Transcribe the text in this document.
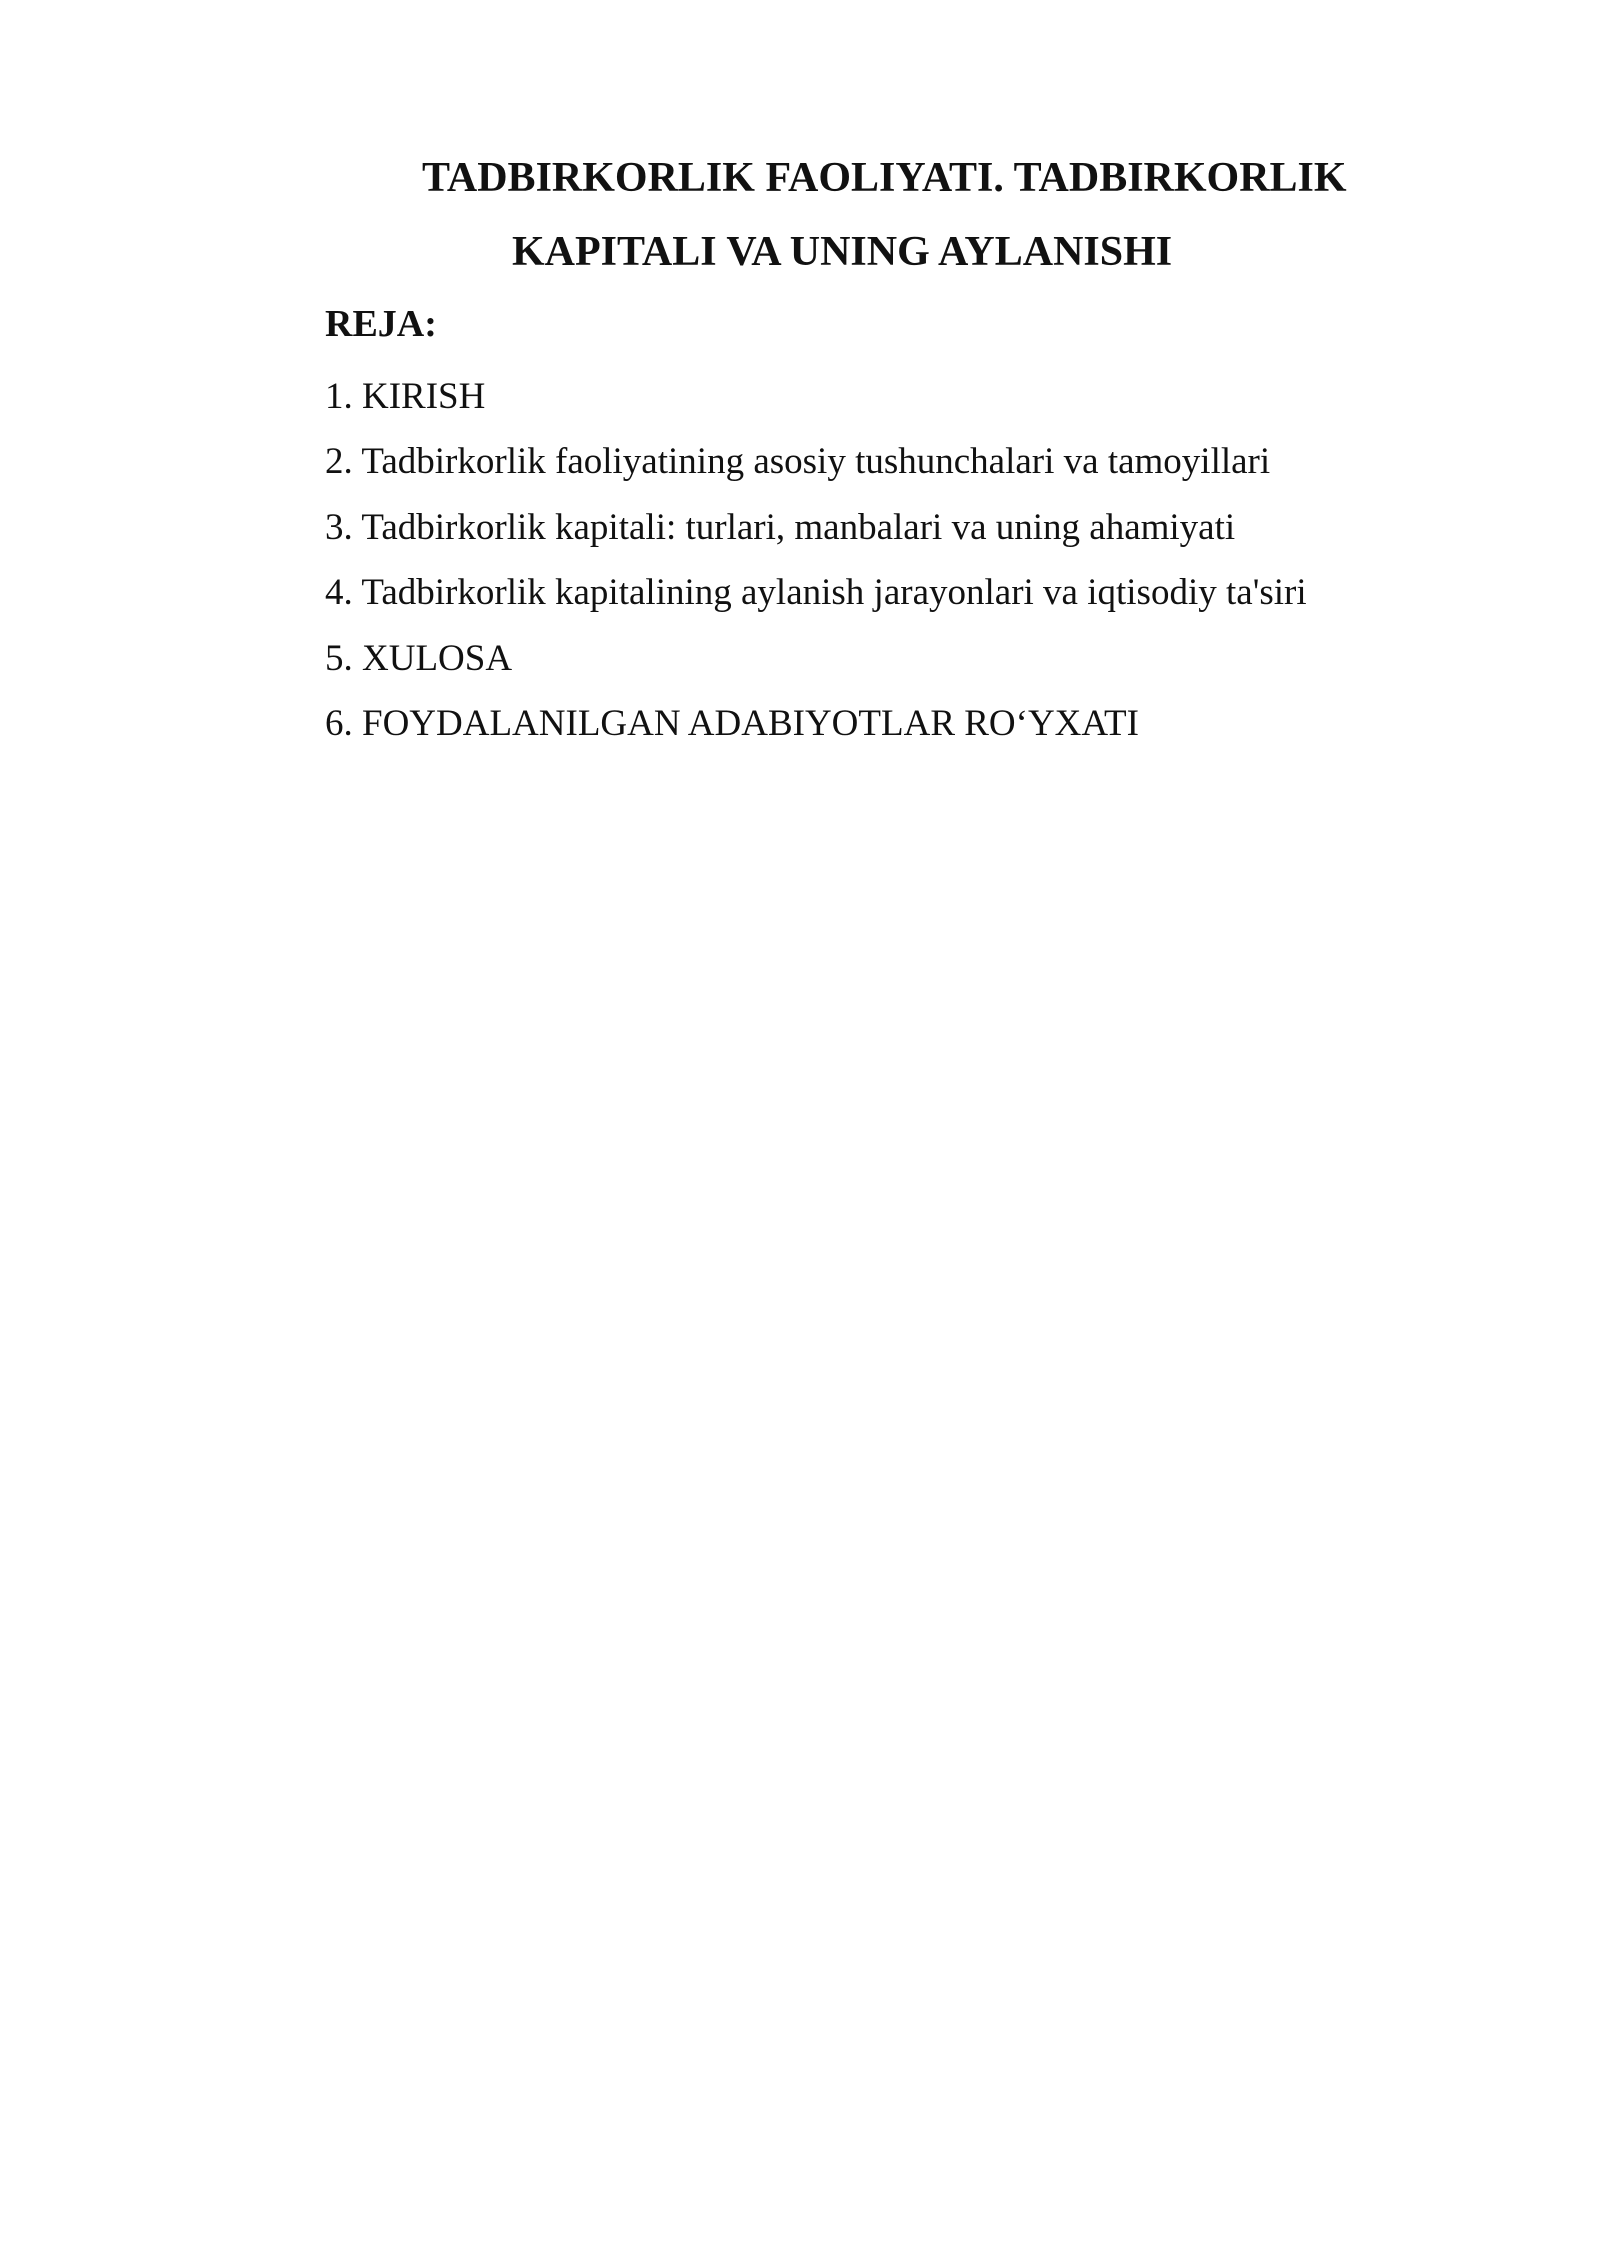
TADBIRKORLIK FAOLIYATI. TADBIRKORLIK
KAPITALI VA UNING AYLANISHI
REJA:
1. KIRISH
2. Tadbirkorlik faoliyatining asosiy tushunchalari va tamoyillari
3. Tadbirkorlik kapitali: turlari, manbalari va uning ahamiyati
4. Tadbirkorlik kapitalining aylanish jarayonlari va iqtisodiy ta'siri
5. XULOSA
6. FOYDALANILGAN ADABIYOTLAR RO‘YXATI
